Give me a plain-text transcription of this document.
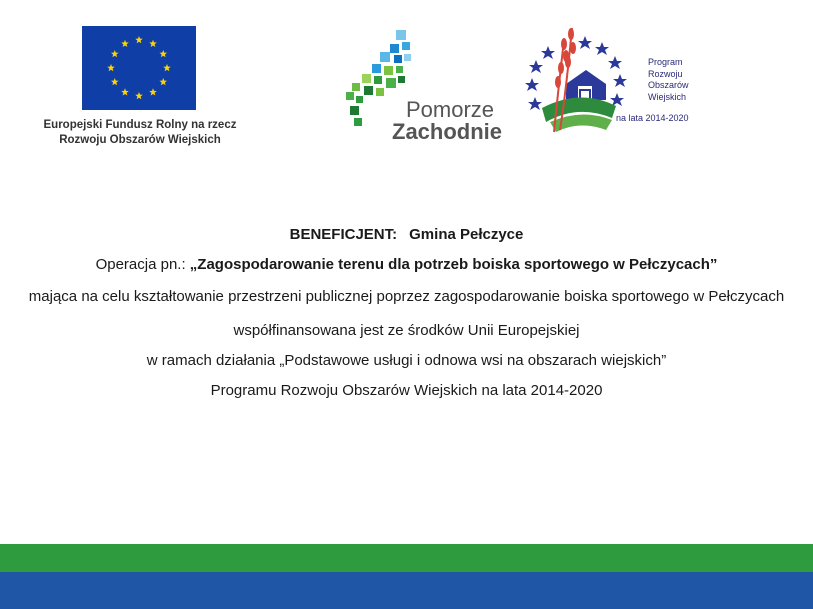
Europejski Fundusz Rolny na rzecz
Rozwoju Obszarów Wiejskich
Pomorze
Zachodnie
Program
Rozwoju
Obszarów
Wiejskich
na lata 2014-2020

BENEFICJENT: Gmina Pełczyce

Operacja pn.: „Zagospodarowanie terenu dla potrzeb boiska sportowego w Pełczycach”

mająca na celu kształtowanie przestrzeni publicznej poprzez zagospodarowanie boiska sportowego w Pełczycach

współfinansowana jest ze środków Unii Europejskiej

w ramach działania „Podstawowe usługi i odnowa wsi na obszarach wiejskich”

Programu Rozwoju Obszarów Wiejskich na lata 2014-2020
